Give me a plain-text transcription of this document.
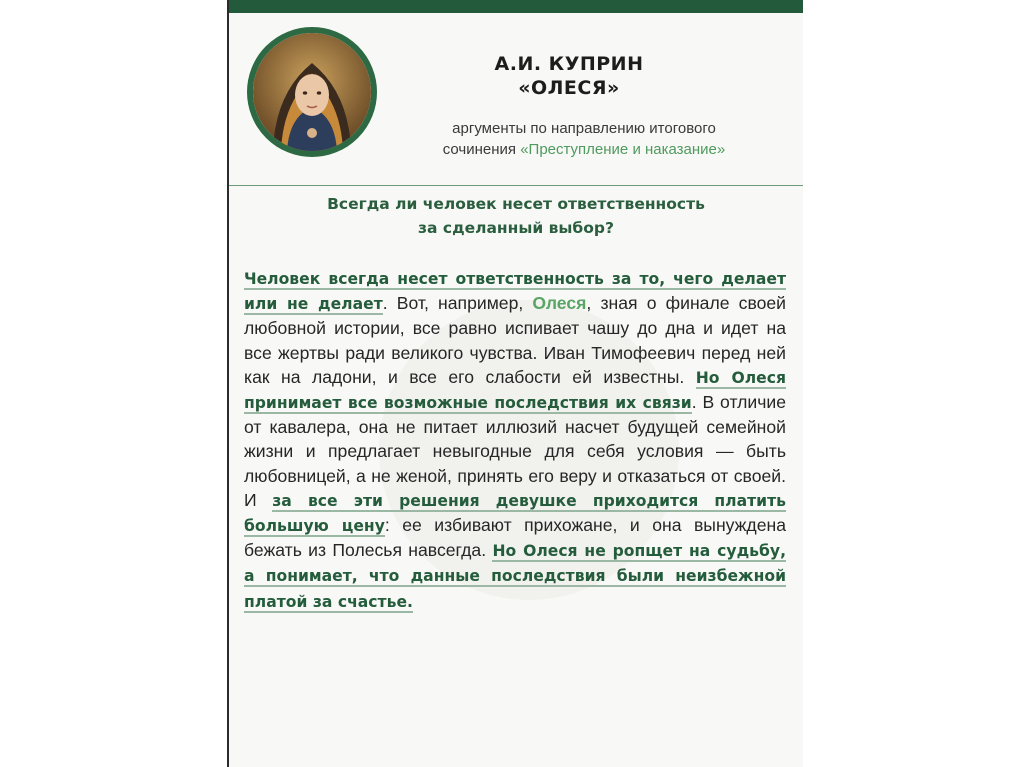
А.И. КУПРИН
«ОЛЕСЯ»
аргументы по направлению итогового
сочинения «Преступление и наказание»
Всегда ли человек несет ответственность
за сделанный выбор?
Человек всегда несет ответственность за то, чего делает или не делает. Вот, например, Олеся, зная о финале своей любовной истории, все равно испивает чашу до дна и идет на все жертвы ради великого чувства. Иван Тимофеевич перед ней как на ладони, и все его слабости ей известны. Но Олеся принимает все возможные последствия их связи. В отличие от кавалера, она не питает иллюзий насчет будущей семейной жизни и предлагает невыгодные для себя условия — быть любовницей, а не женой, принять его веру и отказаться от своей. И за все эти решения девушке приходится платить большую цену: ее избивают прихожане, и она вынуждена бежать из Полесья навсегда. Но Олеся не ропщет на судьбу, а понимает, что данные последствия были неизбежной платой за счастье.
